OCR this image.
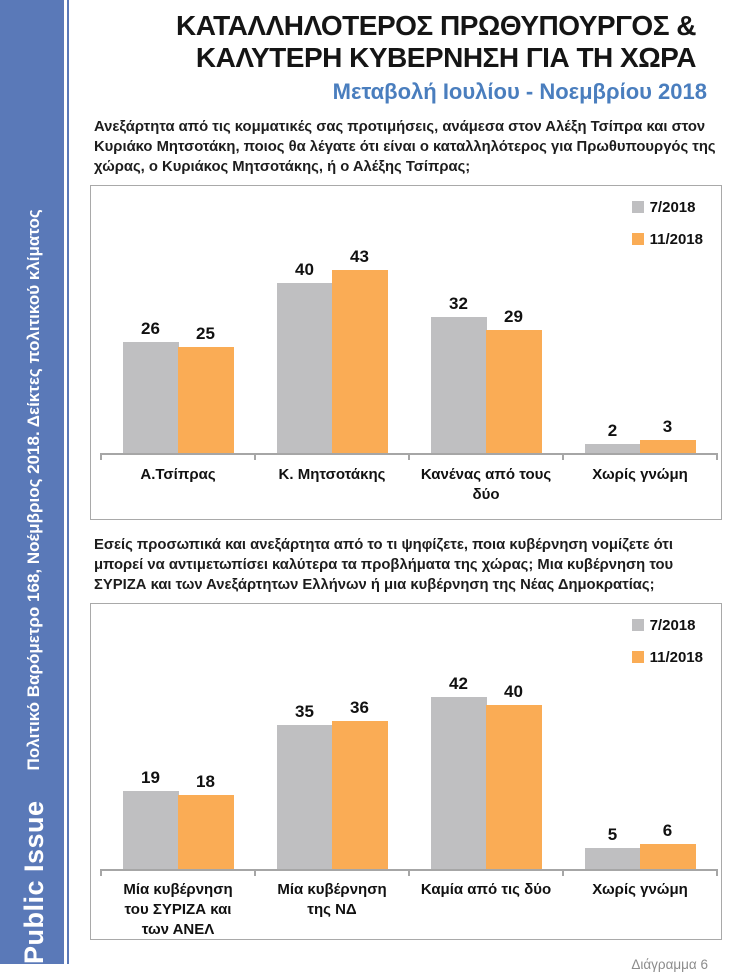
Public Issue
Πολιτικό Βαρόμετρο 168, Νοέμβριος 2018. Δείκτες πολιτικού κλίματος
ΚΑΤΑΛΛΗΛΟΤΕΡΟΣ ΠΡΩΘΥΠΟΥΡΓΟΣ &
ΚΑΛΥΤΕΡΗ ΚΥΒΕΡΝΗΣΗ ΓΙΑ ΤΗ ΧΩΡΑ
Μεταβολή Ιουλίου - Νοεμβρίου 2018

Ανεξάρτητα από τις κομματικές σας προτιμήσεις, ανάμεσα στον Αλέξη Τσίπρα και στον Κυριάκο Μητσοτάκη, ποιος θα λέγατε ότι είναι ο καταλληλότερος για Πρωθυπουργός της χώρας, ο Κυριάκος Μητσοτάκης, ή ο Αλέξης Τσίπρας;

7/2018
11/2018
26 25
40
43
32
29
2	3
Α.Τσίπρας	Κ. Μητσοτάκης	Κανένας από τους δύο
Χωρίς γνώμη

Εσείς προσωπικά και ανεξάρτητα από το τι ψηφίζετε, ποια κυβέρνηση νομίζετε ότι μπορεί να αντιμετωπίσει καλύτερα τα προβλήματα της χώρας; Μια κυβέρνηση του ΣΥΡΙΖΑ και των Ανεξάρτητων Ελλήνων ή μια κυβέρνηση της Νέας Δημοκρατίας;

7/2018
11/2018
19 18
35 36
42 40
5	6
Μία κυβέρνηση του ΣΥΡΙΖΑ και των ΑΝΕΛ
Μία κυβέρνηση της ΝΔ
Καμία από τις δύο	Χωρίς γνώμη
Διάγραμμα 6
